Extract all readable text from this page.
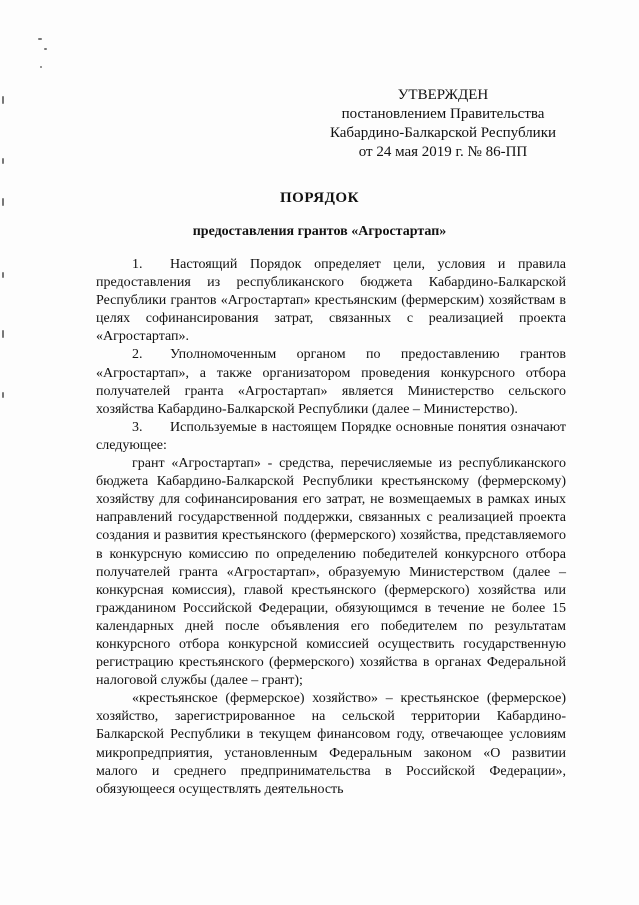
УТВЕРЖДЕН
постановлением Правительства
Кабардино-Балкарской Республики
от 24 мая 2019 г. № 86-ПП
ПОРЯДОК
предоставления грантов «Агростартап»

1. Настоящий Порядок определяет цели, условия и правила предоставления из республиканского бюджета Кабардино-Балкарской Республики грантов «Агростартап» крестьянским (фермерским) хозяйствам в целях софинансирования затрат, связанных с реализацией проекта «Агростартап».

2. Уполномоченным органом по предоставлению грантов «Агростартап», а также организатором проведения конкурсного отбора получателей гранта «Агростартап» является Министерство сельского хозяйства Кабардино-Балкарской Республики (далее – Министерство).

3. Используемые в настоящем Порядке основные понятия означают следующее:

грант «Агростартап» - средства, перечисляемые из республиканского бюджета Кабардино-Балкарской Республики крестьянскому (фермерскому) хозяйству для софинансирования его затрат, не возмещаемых в рамках иных направлений государственной поддержки, связанных с реализацией проекта создания и развития крестьянского (фермерского) хозяйства, представляемого в конкурсную комиссию по определению победителей конкурсного отбора получателей гранта «Агростартап», образуемую Министерством (далее – конкурсная комиссия), главой крестьянского (фермерского) хозяйства или гражданином Российской Федерации, обязующимся в течение не более 15 календарных дней после объявления его победителем по результатам конкурсного отбора конкурсной комиссией осуществить государственную регистрацию крестьянского (фермерского) хозяйства в органах Федеральной налоговой службы (далее – грант);

«крестьянское (фермерское) хозяйство» – крестьянское (фермерское) хозяйство, зарегистрированное на сельской территории Кабардино-Балкарской Республики в текущем финансовом году, отвечающее условиям микропредприятия, установленным Федеральным законом «О развитии малого и среднего предпринимательства в Российской Федерации», обязующееся осуществлять деятельность
